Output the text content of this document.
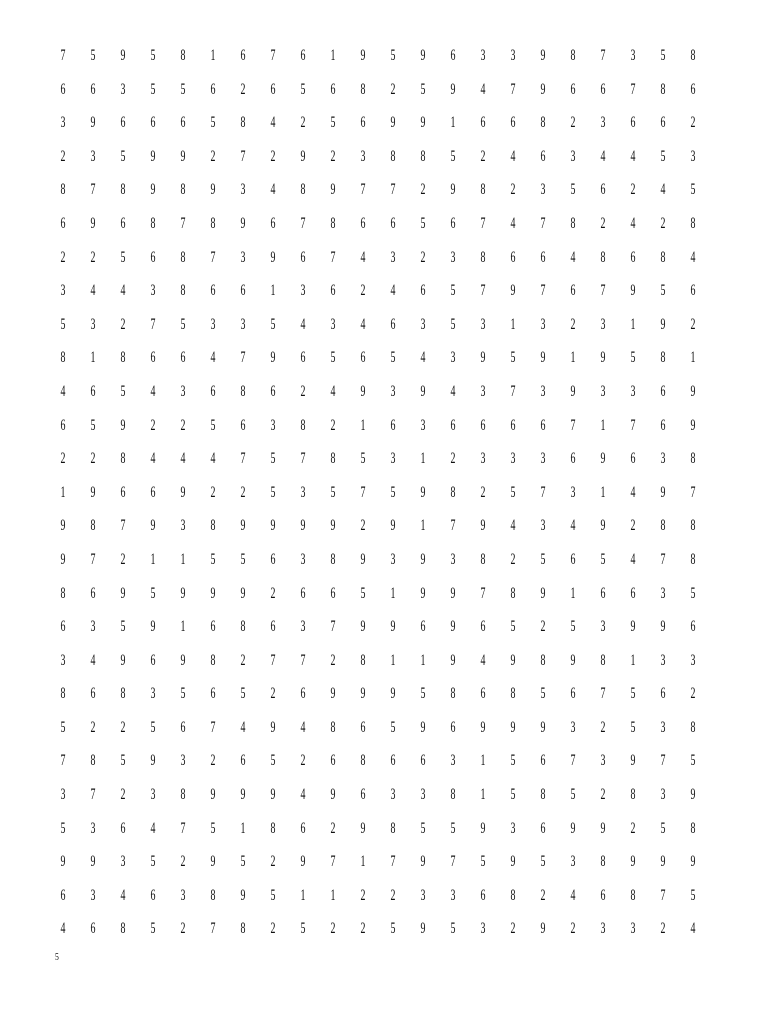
7	5	9	5	8	1	6	7	6	1	9	5	9	6	3	3	9	8	7	3	5	8
6	6	3	5	5	6	2	6	5	6	8	2	5	9	4	7	9	6	6	7	8	6
3	9	6	6	6	5	8	4	2	5	6	9	9	1	6	6	8	2	3	6	6	2
2	3	5	9	9	2	7	2	9	2	3	8	8	5	2	4	6	3	4	4	5	3
8	7	8	9	8	9	3	4	8	9	7	7	2	9	8	2	3	5	6	2	4	5
6	9	6	8	7	8	9	6	7	8	6	6	5	6	7	4	7	8	2	4	2	8
2	2	5	6	8	7	3	9	6	7	4	3	2	3	8	6	6	4	8	6	8	4
3	4	4	3	8	6	6	1	3	6	2	4	6	5	7	9	7	6	7	9	5	6
5	3	2	7	5	3	3	5	4	3	4	6	3	5	3	1	3	2	3	1	9	2
8	1	8	6	6	4	7	9	6	5	6	5	4	3	9	5	9	1	9	5	8	1
4	6	5	4	3	6	8	6	2	4	9	3	9	4	3	7	3	9	3	3	6	9
6	5	9	2	2	5	6	3	8	2	1	6	3	6	6	6	6	7	1	7	6	9
2	2	8	4	4	4	7	5	7	8	5	3	1	2	3	3	3	6	9	6	3	8
1	9	6	6	9	2	2	5	3	5	7	5	9	8	2	5	7	3	1	4	9	7
9	8	7	9	3	8	9	9	9	9	2	9	1	7	9	4	3	4	9	2	8	8
9	7	2	1	1	5	5	6	3	8	9	3	9	3	8	2	5	6	5	4	7	8
8	6	9	5	9	9	9	2	6	6	5	1	9	9	7	8	9	1	6	6	3	5
6	3	5	9	1	6	8	6	3	7	9	9	6	9	6	5	2	5	3	9	9	6
3	4	9	6	9	8	2	7	7	2	8	1	1	9	4	9	8	9	8	1	3	3
8	6	8	3	5	6	5	2	6	9	9	9	5	8	6	8	5	6	7	5	6	2
5	2	2	5	6	7	4	9	4	8	6	5	9	6	9	9	9	3	2	5	3	8
7	8	5	9	3	2	6	5	2	6	8	6	6	3	1	5	6	7	3	9	7	5
3	7	2	3	8	9	9	9	4	9	6	3	3	8	1	5	8	5	2	8	3	9
5	3	6	4	7	5	1	8	6	2	9	8	5	5	9	3	6	9	9	2	5	8
9	9	3	5	2	9	5	2	9	7	1	7	9	7	5	9	5	3	8	9	9	9
6	3	4	6	3	8	9	5	1	1	2	2	3	3	6	8	2	4	6	8	7	5
4	6	8	5	2	7	8	2	5	2	2	5	9	5	3	2	9	2	3	3	2	4
5
